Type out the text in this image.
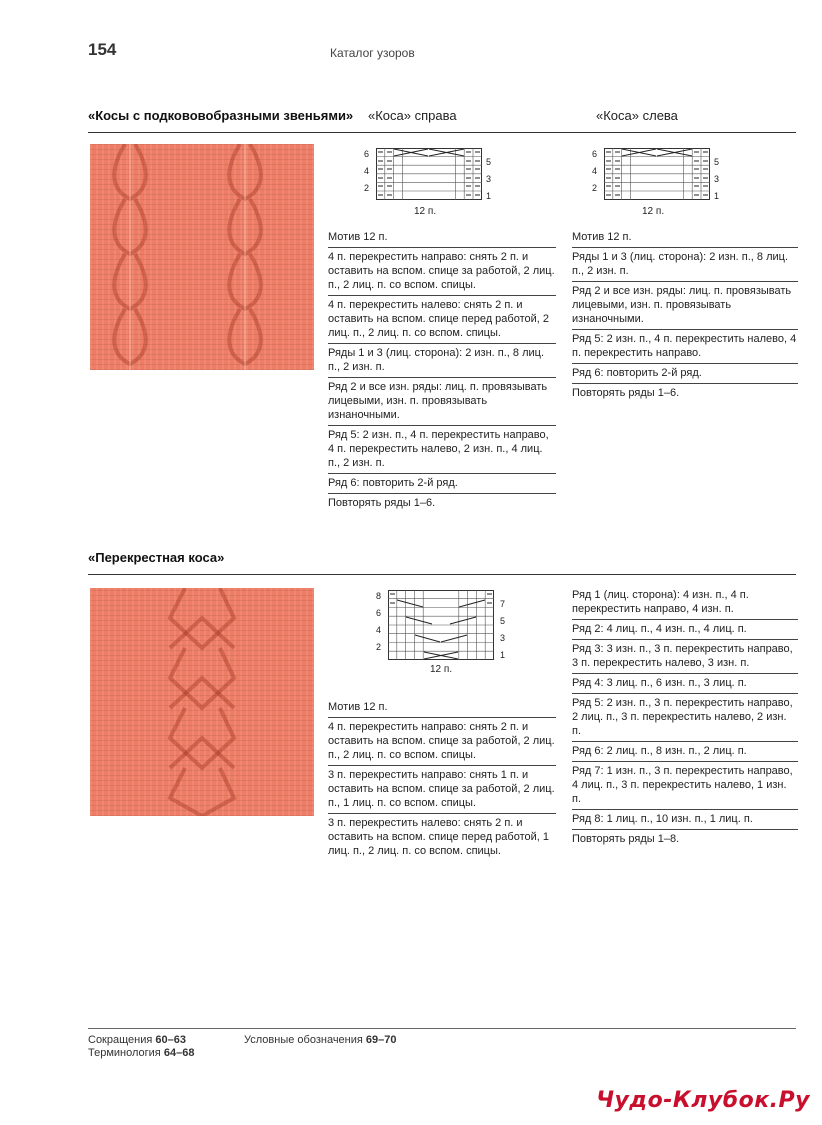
154	Каталог узоров
«Косы с подкововобразными звеньями» «Коса» справа	«Коса» слева
6
4
2
5
3
1
12 п.
6
4
2
5
3
1
12 п.
Мотив 12 п.
4 п. перекрестить направо: снять 2 п. и оставить на вспом. спице за работой, 2 лиц. п., 2 лиц. п. со вспом. спицы.
4 п. перекрестить налево: снять 2 п. и оставить на вспом. спице перед работой, 2 лиц. п., 2 лиц. п. со вспом. спицы.
Ряды 1 и 3 (лиц. сторона): 2 изн. п., 8 лиц. п., 2 изн. п.
Ряд 2 и все изн. ряды: лиц. п. провязывать лицевыми, изн. п. провязывать изнаночными.
Ряд 5: 2 изн. п., 4 п. перекрестить направо, 4 п. перекрестить налево, 2 изн. п., 4 лиц. п., 2 изн. п.
Ряд 6: повторить 2-й ряд.
Повторять ряды 1–6.
Мотив 12 п.
Ряды 1 и 3 (лиц. сторона): 2 изн. п., 8 лиц. п., 2 изн. п.
Ряд 2 и все изн. ряды: лиц. п. провязывать лицевыми, изн. п. провязывать изнаночными.
Ряд 5: 2 изн. п., 4 п. перекрестить налево, 4 п. перекрестить направо.
Ряд 6: повторить 2-й ряд.
Повторять ряды 1–6.
«Перекрестная коса»
8
6
4
2
7
5
3
1
12 п.
Мотив 12 п.
4 п. перекрестить направо: снять 2 п. и оставить на вспом. спице за работой, 2 лиц. п., 2 лиц. п. со вспом. спицы.
3 п. перекрестить направо: снять 1 п. и оставить на вспом. спице за работой, 2 лиц. п., 1 лиц. п. со вспом. спицы.
3 п. перекрестить налево: снять 2 п. и оставить на вспом. спице перед работой, 1 лиц. п., 2 лиц. п. со вспом. спицы.
Ряд 1 (лиц. сторона): 4 изн. п., 4 п. перекрестить направо, 4 изн. п.
Ряд 2: 4 лиц. п., 4 изн. п., 4 лиц. п.
Ряд 3: 3 изн. п., 3 п. перекрестить направо, 3 п. перекрестить налево, 3 изн. п.
Ряд 4: 3 лиц. п., 6 изн. п., 3 лиц. п.
Ряд 5: 2 изн. п., 3 п. перекрестить направо, 2 лиц. п., 3 п. перекрестить налево, 2 изн. п.
Ряд 6: 2 лиц. п., 8 изн. п., 2 лиц. п.
Ряд 7: 1 изн. п., 3 п. перекрестить направо, 4 лиц. п., 3 п. перекрестить налево, 1 изн. п.
Ряд 8: 1 лиц. п., 10 изн. п., 1 лиц. п.
Повторять ряды 1–8.
Сокращения 60–63
Терминология 64–68
Условные обозначения 69–70
Чудо-Клубок.Ру
